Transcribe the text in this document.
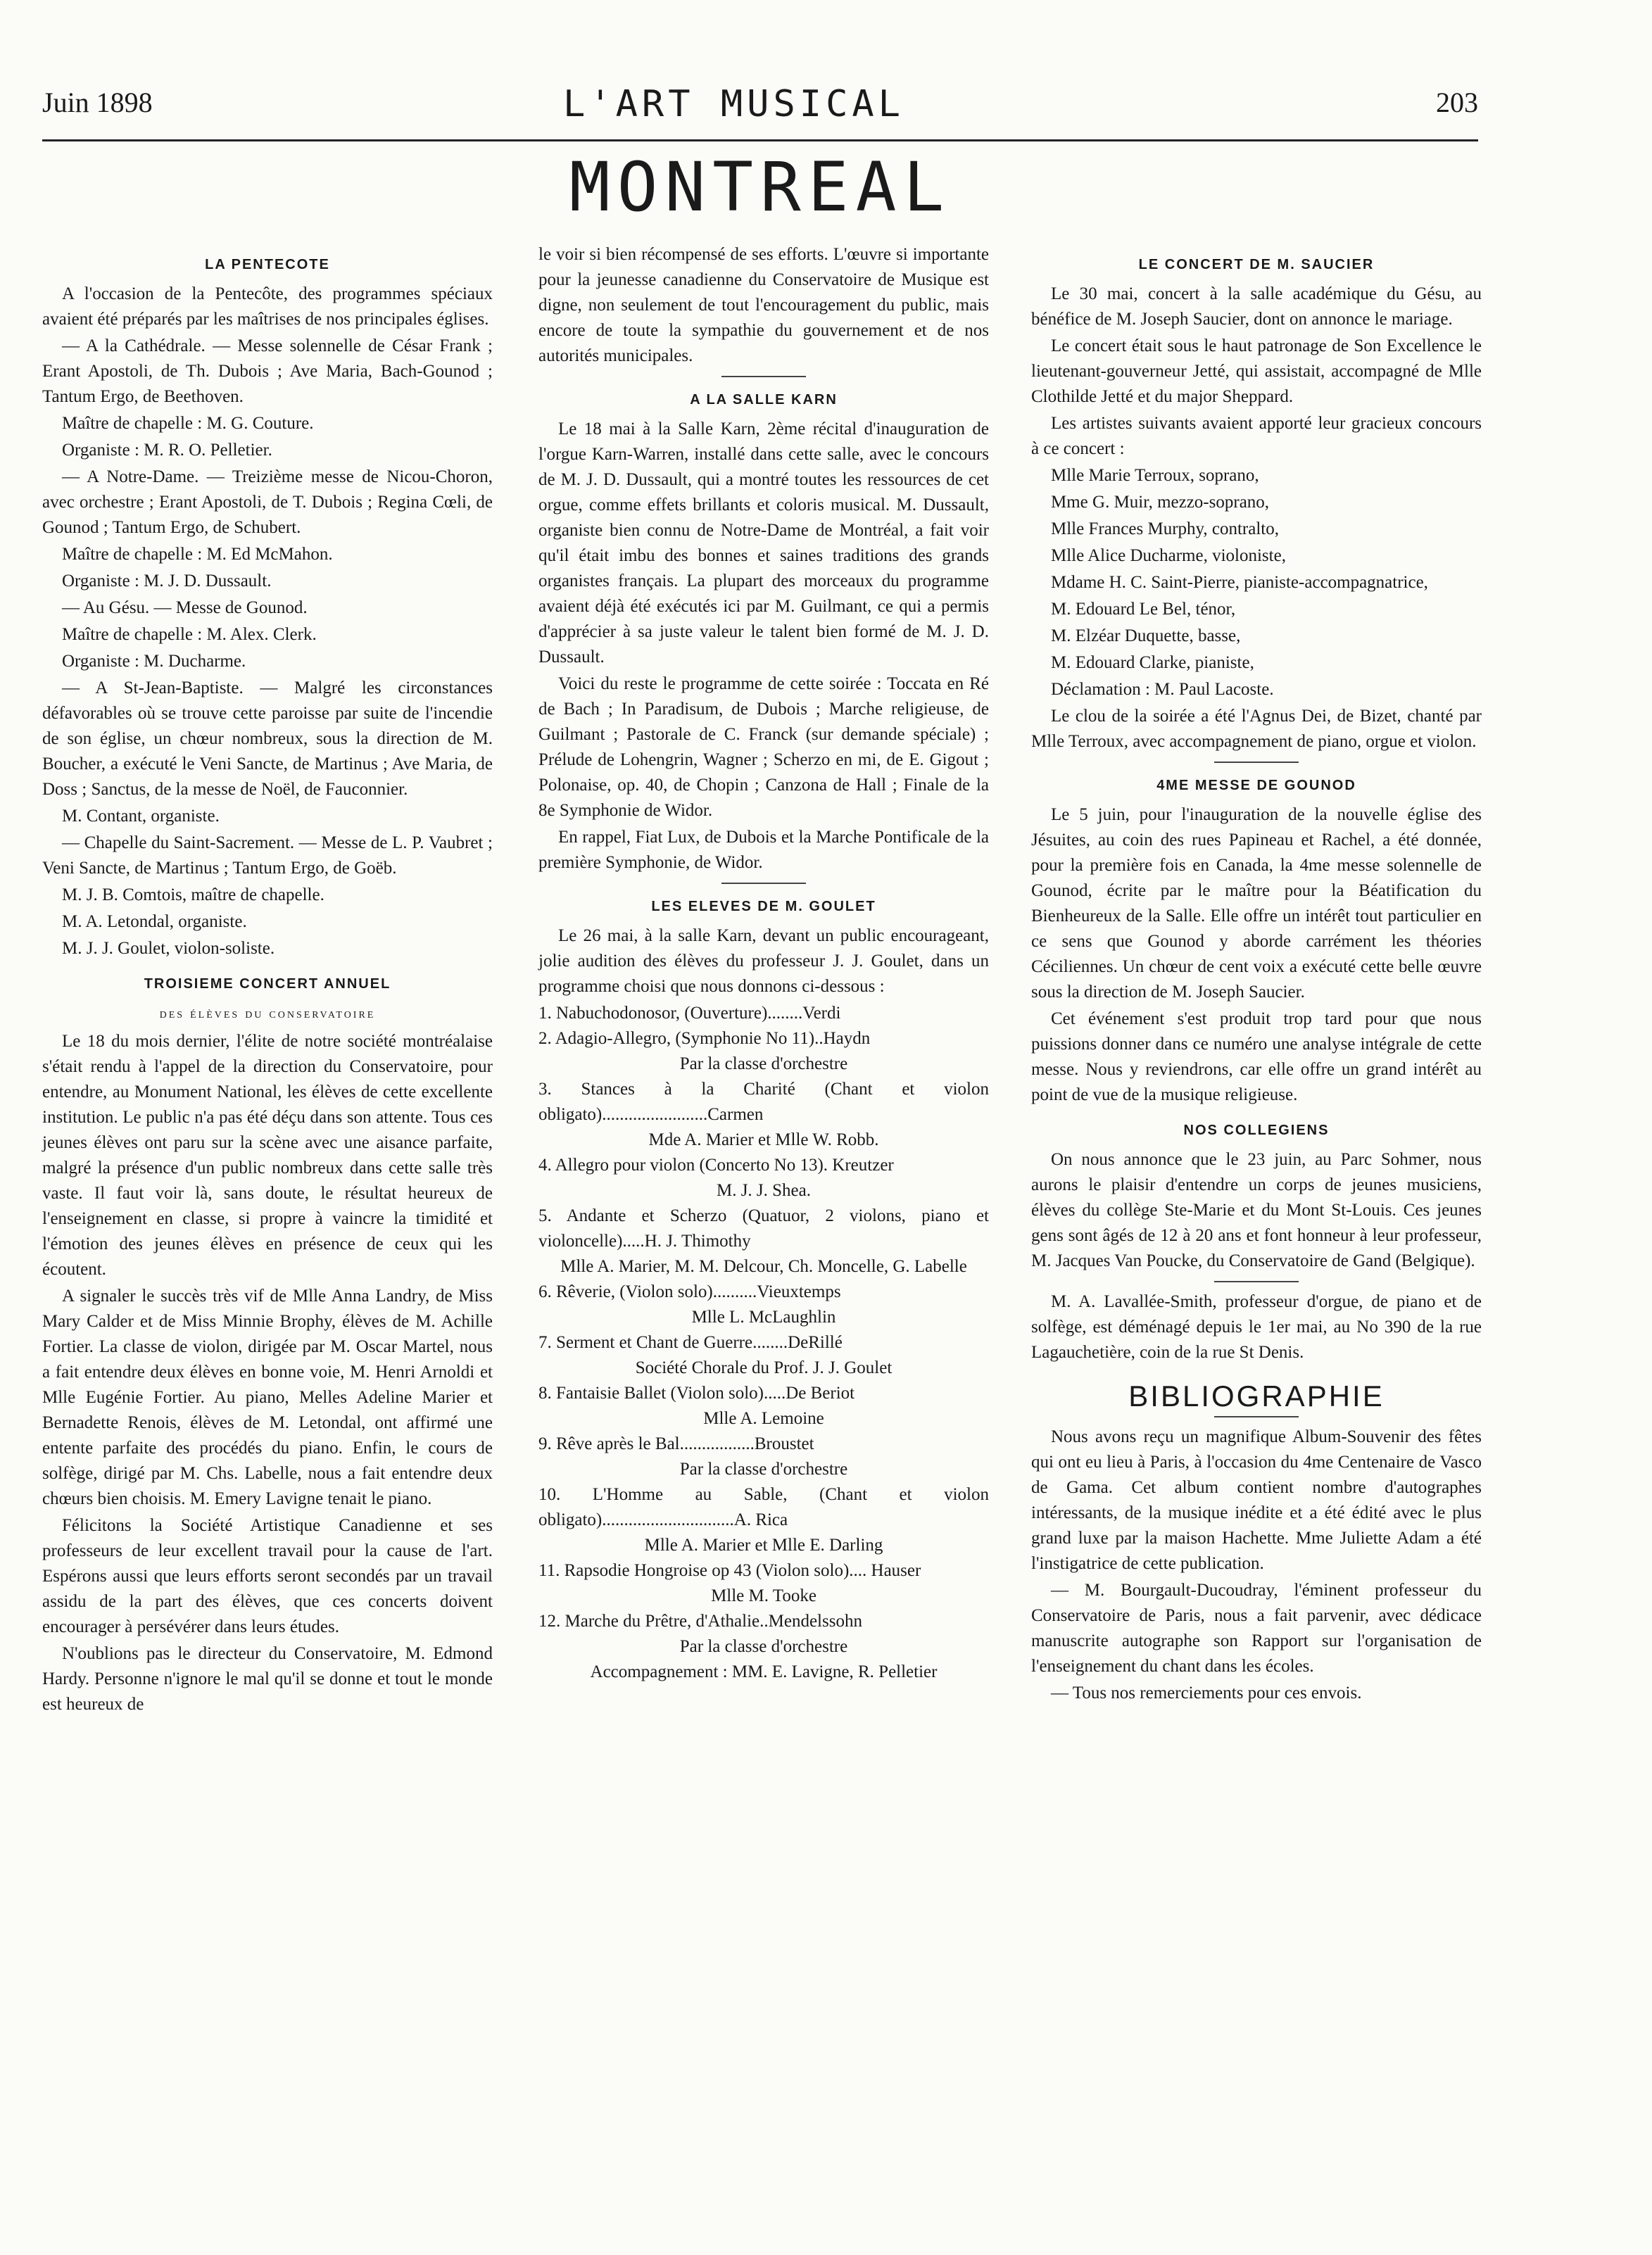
Juin 1898	L'ART MUSICAL	203
MONTREAL
LA PENTECOTE

A l'occasion de la Pentecôte, des programmes spéciaux avaient été préparés par les maîtrises de nos principales églises.

— A la Cathédrale. — Messe solennelle de César Frank ; Erant Apostoli, de Th. Dubois ; Ave Maria, Bach-Gounod ; Tantum Ergo, de Beethoven.

Maître de chapelle : M. G. Couture.

Organiste : M. R. O. Pelletier.

— A Notre-Dame. — Treizième messe de Nicou-Choron, avec orchestre ; Erant Apostoli, de T. Dubois ; Regina Cœli, de Gounod ; Tantum Ergo, de Schubert.

Maître de chapelle : M. Ed McMahon.

Organiste : M. J. D. Dussault.

— Au Gésu. — Messe de Gounod.

Maître de chapelle : M. Alex. Clerk.

Organiste : M. Ducharme.

— A St-Jean-Baptiste. — Malgré les circonstances défavorables où se trouve cette paroisse par suite de l'incendie de son église, un chœur nombreux, sous la direction de M. Boucher, a exécuté le Veni Sancte, de Martinus ; Ave Maria, de Doss ; Sanctus, de la messe de Noël, de Fauconnier.

M. Contant, organiste.

— Chapelle du Saint-Sacrement. — Messe de L. P. Vaubret ; Veni Sancte, de Martinus ; Tantum Ergo, de Goëb.

M. J. B. Comtois, maître de chapelle.

M. A. Letondal, organiste.

M. J. J. Goulet, violon-soliste.

TROISIEME CONCERT ANNUEL
des élèves du conservatoire

Le 18 du mois dernier, l'élite de notre société montréalaise s'était rendu à l'appel de la direction du Conservatoire, pour entendre, au Monument National, les élèves de cette excellente institution. Le public n'a pas été déçu dans son attente. Tous ces jeunes élèves ont paru sur la scène avec une aisance parfaite, malgré la présence d'un public nombreux dans cette salle très vaste. Il faut voir là, sans doute, le résultat heureux de l'enseignement en classe, si propre à vaincre la timidité et l'émotion des jeunes élèves en présence de ceux qui les écoutent.

A signaler le succès très vif de Mlle Anna Landry, de Miss Mary Calder et de Miss Minnie Brophy, élèves de M. Achille Fortier. La classe de violon, dirigée par M. Oscar Martel, nous a fait entendre deux élèves en bonne voie, M. Henri Arnoldi et Mlle Eugénie Fortier. Au piano, Melles Adeline Marier et Bernadette Renois, élèves de M. Letondal, ont affirmé une entente parfaite des procédés du piano. Enfin, le cours de solfège, dirigé par M. Chs. Labelle, nous a fait entendre deux chœurs bien choisis. M. Emery Lavigne tenait le piano.

Félicitons la Société Artistique Canadienne et ses professeurs de leur excellent travail pour la cause de l'art. Espérons aussi que leurs efforts seront secondés par un travail assidu de la part des élèves, que ces concerts doivent encourager à persévérer dans leurs études.

N'oublions pas le directeur du Conservatoire, M. Edmond Hardy. Personne n'ignore le mal qu'il se donne et tout le monde est heureux de

le voir si bien récompensé de ses efforts. L'œuvre si importante pour la jeunesse canadienne du Conservatoire de Musique est digne, non seulement de tout l'encouragement du public, mais encore de toute la sympathie du gouvernement et de nos autorités municipales.

A LA SALLE KARN

Le 18 mai à la Salle Karn, 2ème récital d'inauguration de l'orgue Karn-Warren, installé dans cette salle, avec le concours de M. J. D. Dussault, qui a montré toutes les ressources de cet orgue, comme effets brillants et coloris musical. M. Dussault, organiste bien connu de Notre-Dame de Montréal, a fait voir qu'il était imbu des bonnes et saines traditions des grands organistes français. La plupart des morceaux du programme avaient déjà été exécutés ici par M. Guilmant, ce qui a permis d'apprécier à sa juste valeur le talent bien formé de M. J. D. Dussault.

Voici du reste le programme de cette soirée : Toccata en Ré de Bach ; In Paradisum, de Dubois ; Marche religieuse, de Guilmant ; Pastorale de C. Franck (sur demande spéciale) ; Prélude de Lohengrin, Wagner ; Scherzo en mi, de E. Gigout ; Polonaise, op. 40, de Chopin ; Canzona de Hall ; Finale de la 8e Symphonie de Widor.

En rappel, Fiat Lux, de Dubois et la Marche Pontificale de la première Symphonie, de Widor.

LES ELEVES DE M. GOULET

Le 26 mai, à la salle Karn, devant un public encourageant, jolie audition des élèves du professeur J. J. Goulet, dans un programme choisi que nous donnons ci-dessous :

1. Nabuchodonosor, (Ouverture)........Verdi

2. Adagio-Allegro, (Symphonie No 11)..Haydn

Par la classe d'orchestre

3. Stances à la Charité (Chant et violon obligato)........................Carmen

Mde A. Marier et Mlle W. Robb.

4. Allegro pour violon (Concerto No 13). Kreutzer

M. J. J. Shea.

5. Andante et Scherzo (Quatuor, 2 violons, piano et violoncelle).....H. J. Thimothy

Mlle A. Marier, M. M. Delcour, Ch. Moncelle, G. Labelle

6. Rêverie, (Violon solo)..........Vieuxtemps

Mlle L. McLaughlin

7. Serment et Chant de Guerre........DeRillé

Société Chorale du Prof. J. J. Goulet

8. Fantaisie Ballet (Violon solo).....De Beriot

Mlle A. Lemoine

9. Rêve après le Bal.................Broustet

Par la classe d'orchestre

10. L'Homme au Sable, (Chant et violon obligato)..............................A. Rica

Mlle A. Marier et Mlle E. Darling

11. Rapsodie Hongroise op 43 (Violon solo).... Hauser

Mlle M. Tooke

12. Marche du Prêtre, d'Athalie..Mendelssohn

Par la classe d'orchestre

Accompagnement : MM. E. Lavigne, R. Pelletier

LE CONCERT DE M. SAUCIER

Le 30 mai, concert à la salle académique du Gésu, au bénéfice de M. Joseph Saucier, dont on annonce le mariage.

Le concert était sous le haut patronage de Son Excellence le lieutenant-gouverneur Jetté, qui assistait, accompagné de Mlle Clothilde Jetté et du major Sheppard.

Les artistes suivants avaient apporté leur gracieux concours à ce concert :

Mlle Marie Terroux, soprano,

Mme G. Muir, mezzo-soprano,

Mlle Frances Murphy, contralto,

Mlle Alice Ducharme, violoniste,

Mdame H. C. Saint-Pierre, pianiste-accompagnatrice,

M. Edouard Le Bel, ténor,

M. Elzéar Duquette, basse,

M. Edouard Clarke, pianiste,

Déclamation : M. Paul Lacoste.

Le clou de la soirée a été l'Agnus Dei, de Bizet, chanté par Mlle Terroux, avec accompagnement de piano, orgue et violon.

4ME MESSE DE GOUNOD

Le 5 juin, pour l'inauguration de la nouvelle église des Jésuites, au coin des rues Papineau et Rachel, a été donnée, pour la première fois en Canada, la 4me messe solennelle de Gounod, écrite par le maître pour la Béatification du Bienheureux de la Salle. Elle offre un intérêt tout particulier en ce sens que Gounod y aborde carrément les théories Céciliennes. Un chœur de cent voix a exécuté cette belle œuvre sous la direction de M. Joseph Saucier.

Cet événement s'est produit trop tard pour que nous puissions donner dans ce numéro une analyse intégrale de cette messe. Nous y reviendrons, car elle offre un grand intérêt au point de vue de la musique religieuse.

NOS COLLEGIENS

On nous annonce que le 23 juin, au Parc Sohmer, nous aurons le plaisir d'entendre un corps de jeunes musiciens, élèves du collège Ste-Marie et du Mont St-Louis. Ces jeunes gens sont âgés de 12 à 20 ans et font honneur à leur professeur, M. Jacques Van Poucke, du Conservatoire de Gand (Belgique).

M. A. Lavallée-Smith, professeur d'orgue, de piano et de solfège, est déménagé depuis le 1er mai, au No 390 de la rue Lagauchetière, coin de la rue St Denis.

BIBLIOGRAPHIE

Nous avons reçu un magnifique Album-Souvenir des fêtes qui ont eu lieu à Paris, à l'occasion du 4me Centenaire de Vasco de Gama. Cet album contient nombre d'autographes intéressants, de la musique inédite et a été édité avec le plus grand luxe par la maison Hachette. Mme Juliette Adam a été l'instigatrice de cette publication.

— M. Bourgault-Ducoudray, l'éminent professeur du Conservatoire de Paris, nous a fait parvenir, avec dédicace manuscrite autographe son Rapport sur l'organisation de l'enseignement du chant dans les écoles.

— Tous nos remerciements pour ces envois.
